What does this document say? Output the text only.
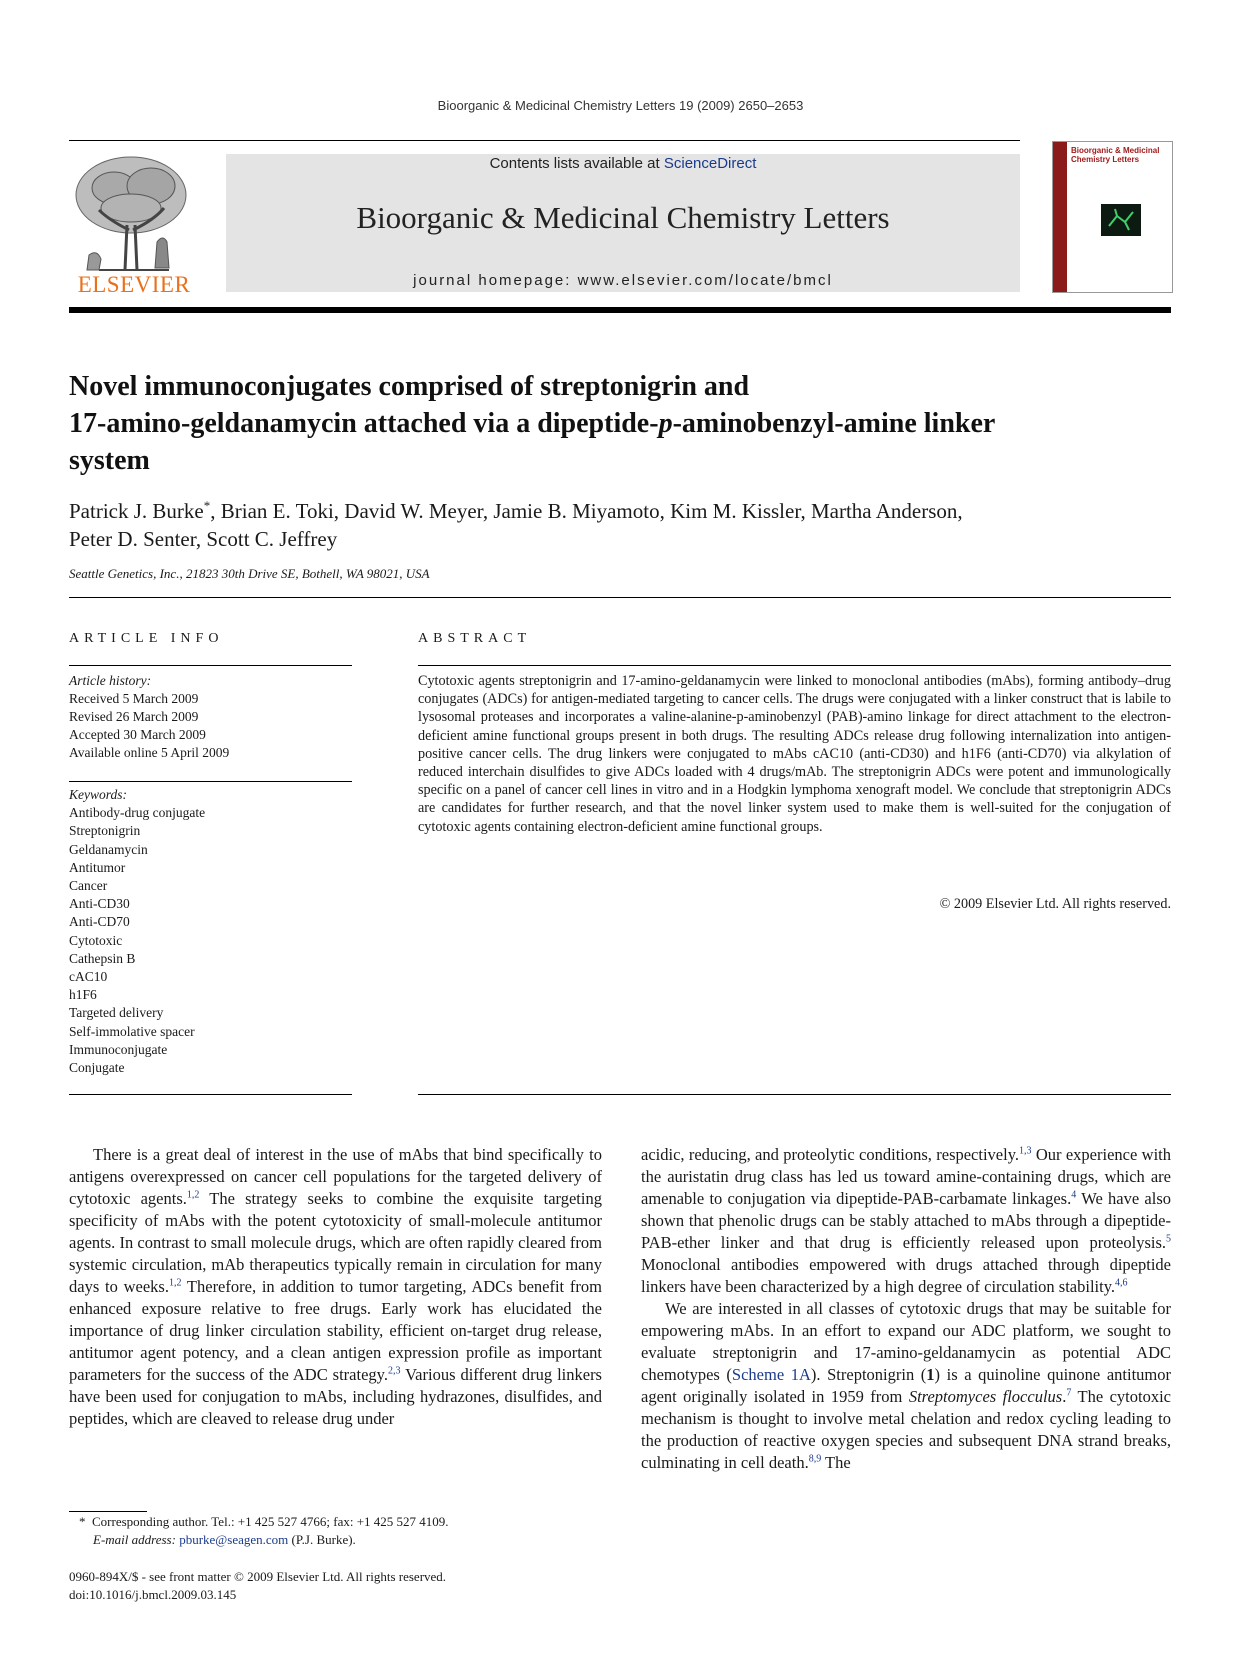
Bioorganic & Medicinal Chemistry Letters 19 (2009) 2650–2653
ELSEVIER
Contents lists available at ScienceDirect
Bioorganic & Medicinal Chemistry Letters
journal homepage: www.elsevier.com/locate/bmcl
Bioorganic & Medicinal Chemistry Letters
Novel immunoconjugates comprised of streptonigrin and
17-amino-geldanamycin attached via a dipeptide-p-aminobenzyl-amine linker
system
Patrick J. Burke*, Brian E. Toki, David W. Meyer, Jamie B. Miyamoto, Kim M. Kissler, Martha Anderson,
Peter D. Senter, Scott C. Jeffrey
Seattle Genetics, Inc., 21823 30th Drive SE, Bothell, WA 98021, USA
ARTICLE INFO	ABSTRACT
Article history:
Received 5 March 2009
Revised 26 March 2009
Accepted 30 March 2009
Available online 5 April 2009
Keywords:
Antibody-drug conjugate
Streptonigrin
Geldanamycin
Antitumor
Cancer
Anti-CD30
Anti-CD70
Cytotoxic
Cathepsin B
cAC10
h1F6
Targeted delivery
Self-immolative spacer
Immunoconjugate
Conjugate
Cytotoxic agents streptonigrin and 17-amino-geldanamycin were linked to monoclonal antibodies (mAbs), forming antibody–drug conjugates (ADCs) for antigen-mediated targeting to cancer cells. The drugs were conjugated with a linker construct that is labile to lysosomal proteases and incorporates a valine-alanine-p-aminobenzyl (PAB)-amino linkage for direct attachment to the electron-deficient amine functional groups present in both drugs. The resulting ADCs release drug following internalization into antigen-positive cancer cells. The drug linkers were conjugated to mAbs cAC10 (anti-CD30) and h1F6 (anti-CD70) via alkylation of reduced interchain disulfides to give ADCs loaded with 4 drugs/mAb. The streptonigrin ADCs were potent and immunologically specific on a panel of cancer cell lines in vitro and in a Hodgkin lymphoma xenograft model. We conclude that streptonigrin ADCs are candidates for further research, and that the novel linker system used to make them is well-suited for the conjugation of cytotoxic agents containing electron-deficient amine functional groups.
© 2009 Elsevier Ltd. All rights reserved.

There is a great deal of interest in the use of mAbs that bind specifically to antigens overexpressed on cancer cell populations for the targeted delivery of cytotoxic agents.$^{1,2}$ The strategy seeks to combine the exquisite targeting specificity of mAbs with the potent cytotoxicity of small-molecule antitumor agents. In contrast to small molecule drugs, which are often rapidly cleared from systemic circulation, mAb therapeutics typically remain in circulation for many days to weeks.$^{1,2}$ Therefore, in addition to tumor targeting, ADCs benefit from enhanced exposure relative to free drugs. Early work has elucidated the importance of drug linker circulation stability, efficient on-target drug release, antitumor agent potency, and a clean antigen expression profile as important parameters for the success of the ADC strategy.$^{2,3}$ Various different drug linkers have been used for conjugation to mAbs, including hydrazones, disulfides, and peptides, which are cleaved to release drug under

acidic, reducing, and proteolytic conditions, respectively.$^{1,3}$ Our experience with the auristatin drug class has led us toward amine-containing drugs, which are amenable to conjugation via dipeptide-PAB-carbamate linkages.$^4$ We have also shown that phenolic drugs can be stably attached to mAbs through a dipeptide-PAB-ether linker and that drug is efficiently released upon proteolysis.$^5$ Monoclonal antibodies empowered with drugs attached through dipeptide linkers have been characterized by a high degree of circulation stability.$^{4,6}$

We are interested in all classes of cytotoxic drugs that may be suitable for empowering mAbs. In an effort to expand our ADC platform, we sought to evaluate streptonigrin and 17-amino-geldanamycin as potential ADC chemotypes (Scheme 1A). Streptonigrin (1) is a quinoline quinone antitumor agent originally isolated in 1959 from Streptomyces flocculus.$^7$ The cytotoxic mechanism is thought to involve metal chelation and redox cycling leading to the production of reactive oxygen species and subsequent DNA strand breaks, culminating in cell death.$^{8,9}$ The

* Corresponding author. Tel.: +1 425 527 4766; fax: +1 425 527 4109.
E-mail address: pburke@seagen.com (P.J. Burke).
0960-894X/$ - see front matter © 2009 Elsevier Ltd. All rights reserved.
doi:10.1016/j.bmcl.2009.03.145
